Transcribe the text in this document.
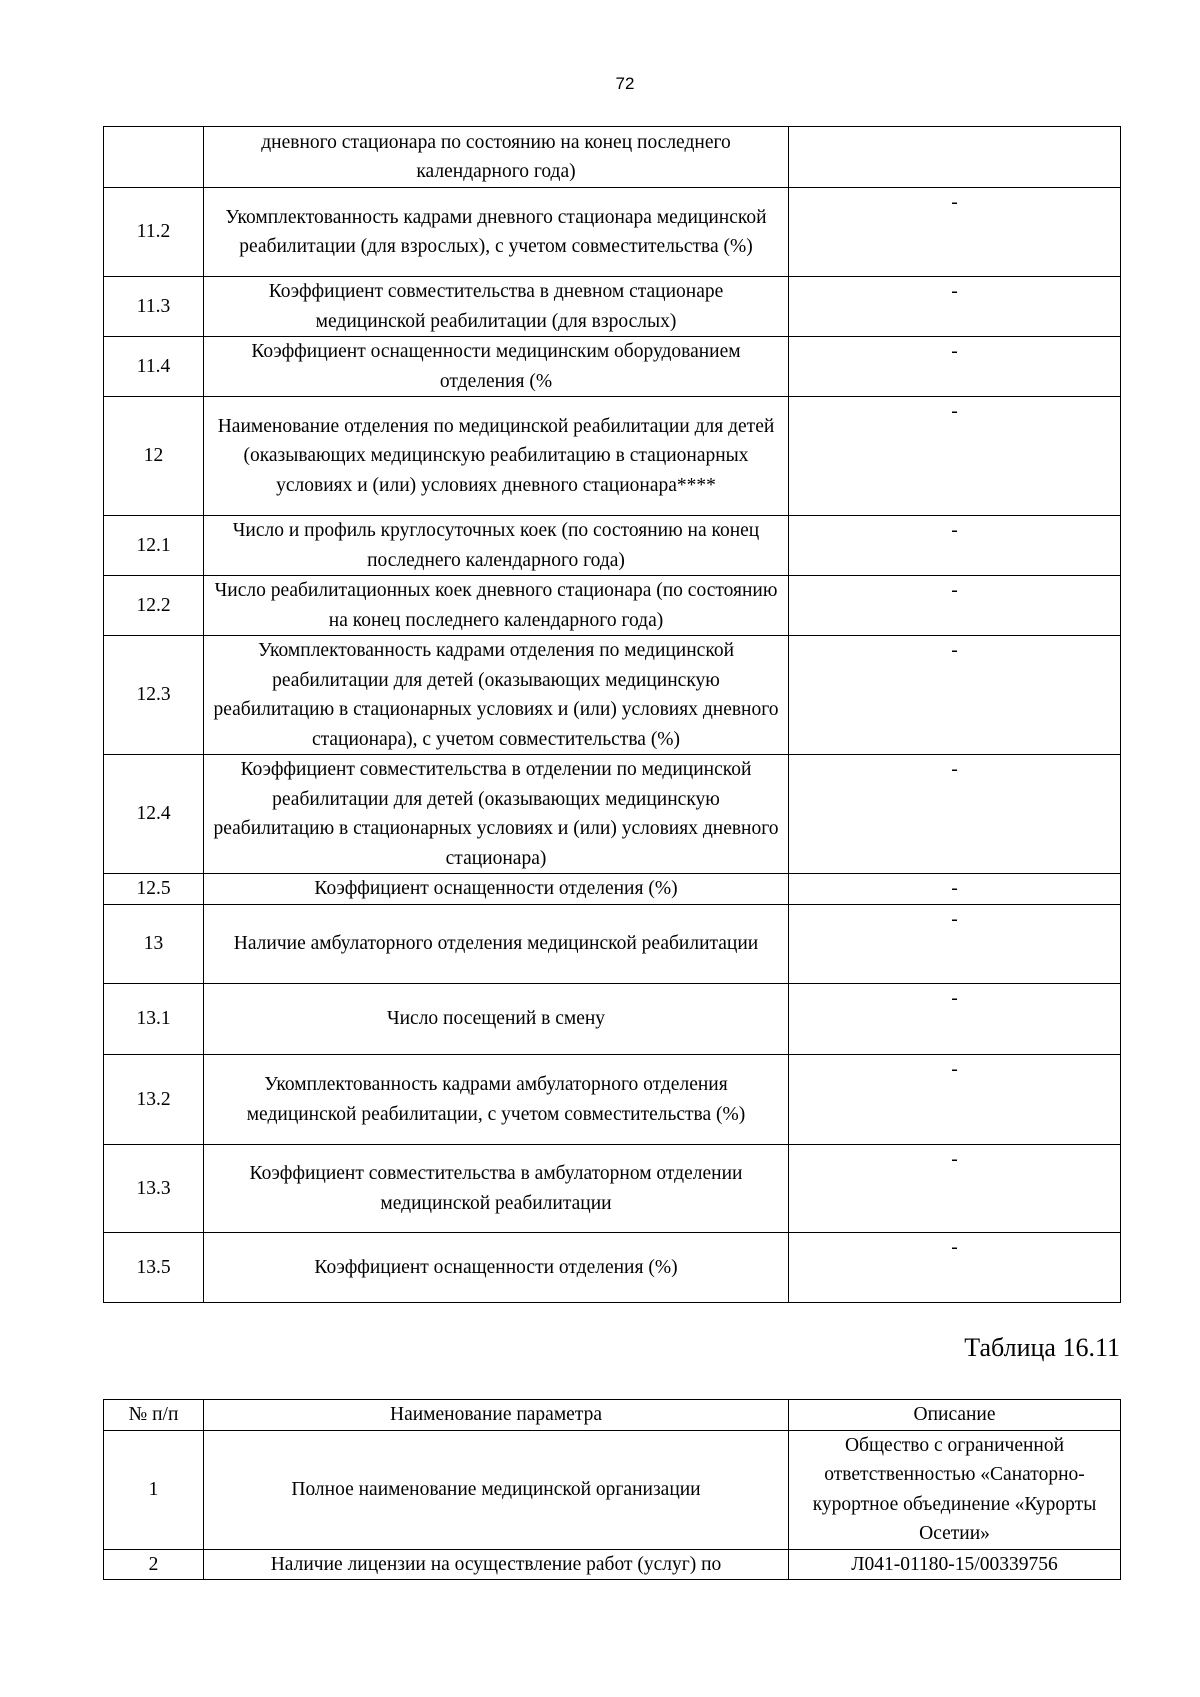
72
	дневного стационара по состоянию на конец последнего календарного года)	
11.2	Укомплектованность кадрами дневного стационара медицинской реабилитации (для взрослых), с учетом совместительства (%)	-
11.3	Коэффициент совместительства в дневном стационаре медицинской реабилитации (для взрослых)	-
11.4	Коэффициент оснащенности медицинским оборудованием отделения (%	-
12	Наименование отделения по медицинской реабилитации для детей (оказывающих медицинскую реабилитацию в стационарных условиях и (или) условиях дневного стационара****	-
12.1	Число и профиль круглосуточных коек (по состоянию на конец последнего календарного года)	-
12.2	Число реабилитационных коек дневного стационара (по состоянию на конец последнего календарного года)	-
12.3	Укомплектованность кадрами отделения по медицинской реабилитации для детей (оказывающих медицинскую реабилитацию в стационарных условиях и (или) условиях дневного стационара), с учетом совместительства (%)	-
12.4	Коэффициент совместительства в отделении по медицинской реабилитации для детей (оказывающих медицинскую реабилитацию в стационарных условиях и (или) условиях дневного стационара)	-
12.5	Коэффициент оснащенности отделения (%)	-
13	Наличие амбулаторного отделения медицинской реабилитации	-
13.1	Число посещений в смену	-
13.2	Укомплектованность кадрами амбулаторного отделения медицинской реабилитации, с учетом совместительства (%)	-
13.3	Коэффициент совместительства в амбулаторном отделении медицинской реабилитации	-
13.5	Коэффициент оснащенности отделения (%)	-
Таблица 16.11
№ п/п	Наименование параметра	Описание
1	Полное наименование медицинской организации	Общество с ограниченной ответственностью «Санаторно-курортное объединение «Курорты Осетии»
2	Наличие лицензии на осуществление работ (услуг) по	Л041-01180-15/00339756
